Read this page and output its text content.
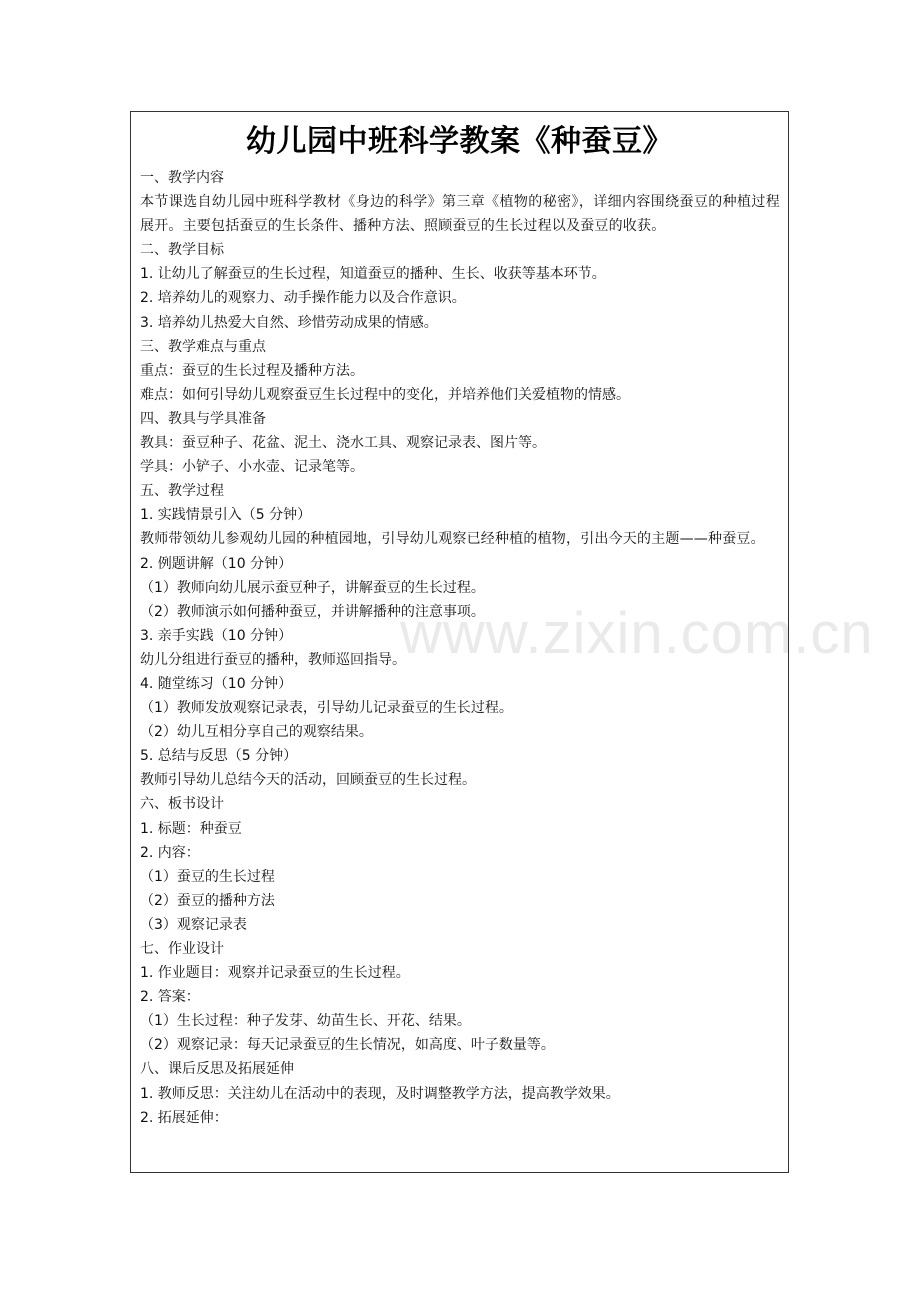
www.zixin.com.cn
幼儿园中班科学教案《种蚕豆》
一、教学内容
本节课选自幼儿园中班科学教材《身边的科学》第三章《植物的秘密》，详细内容围绕蚕豆的种植过程展开。主要包括蚕豆的生长条件、播种方法、照顾蚕豆的生长过程以及蚕豆的收获。
二、教学目标
1. 让幼儿了解蚕豆的生长过程，知道蚕豆的播种、生长、收获等基本环节。
2. 培养幼儿的观察力、动手操作能力以及合作意识。
3. 培养幼儿热爱大自然、珍惜劳动成果的情感。
三、教学难点与重点
重点：蚕豆的生长过程及播种方法。
难点：如何引导幼儿观察蚕豆生长过程中的变化，并培养他们关爱植物的情感。
四、教具与学具准备
教具：蚕豆种子、花盆、泥土、浇水工具、观察记录表、图片等。
学具：小铲子、小水壶、记录笔等。
五、教学过程
1. 实践情景引入（5 分钟）
教师带领幼儿参观幼儿园的种植园地，引导幼儿观察已经种植的植物，引出今天的主题——种蚕豆。
2. 例题讲解（10 分钟）
（1）教师向幼儿展示蚕豆种子，讲解蚕豆的生长过程。
（2）教师演示如何播种蚕豆，并讲解播种的注意事项。
3. 亲手实践（10 分钟）
幼儿分组进行蚕豆的播种，教师巡回指导。
4. 随堂练习（10 分钟）
（1）教师发放观察记录表，引导幼儿记录蚕豆的生长过程。
（2）幼儿互相分享自己的观察结果。
5. 总结与反思（5 分钟）
教师引导幼儿总结今天的活动，回顾蚕豆的生长过程。
六、板书设计
1. 标题：种蚕豆
2. 内容：
（1）蚕豆的生长过程
（2）蚕豆的播种方法
（3）观察记录表
七、作业设计
1. 作业题目：观察并记录蚕豆的生长过程。
2. 答案：
（1）生长过程：种子发芽、幼苗生长、开花、结果。
（2）观察记录：每天记录蚕豆的生长情况，如高度、叶子数量等。
八、课后反思及拓展延伸
1. 教师反思：关注幼儿在活动中的表现，及时调整教学方法，提高教学效果。
2. 拓展延伸：
